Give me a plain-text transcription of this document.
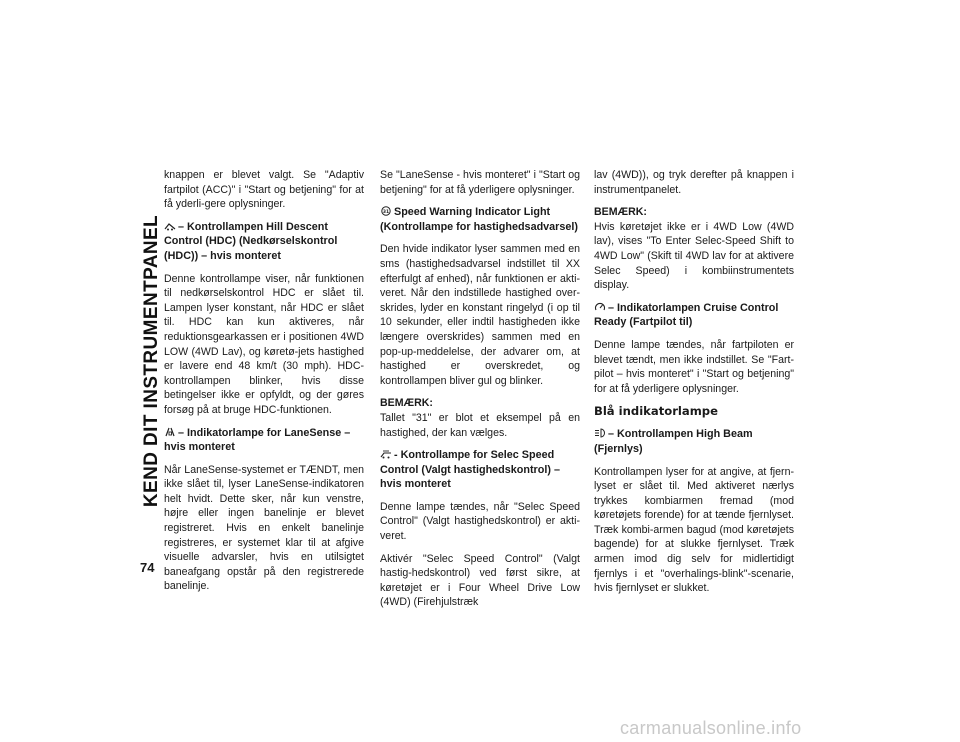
KEND DIT INSTRUMENTPANEL
74

knappen er blevet valgt. Se "Adaptiv fartpilot (ACC)" i "Start og betjening" for at få yderli-gere oplysninger.

– Kontrollampen Hill Descent Control (HDC) (Nedkørselskontrol (HDC)) – hvis monteret

Denne kontrollampe viser, når funktionen til nedkørselskontrol HDC er slået til. Lampen lyser konstant, når HDC er slået til. HDC kan kun aktiveres, når reduktionsgearkassen er i positionen 4WD LOW (4WD Lav), og køretø-jets hastighed er lavere end 48 km/t (30 mph). HDC-kontrollampen blinker, hvis disse betingelser ikke er opfyldt, og der gøres forsøg på at bruge HDC-funktionen.

– Indikatorlampe for LaneSense – hvis monteret

Når LaneSense-systemet er TÆNDT, men ikke slået til, lyser LaneSense-indikatoren helt hvidt. Dette sker, når kun venstre, højre eller ingen banelinje er blevet registreret. Hvis en enkelt banelinje registreres, er systemet klar til at afgive visuelle advarsler, hvis en utilsigtet baneafgang opstår på den registrerede banelinje.

Se "LaneSense - hvis monteret" i "Start og betjening" for at få yderligere oplysninger.

31 Speed Warning Indicator Light (Kontrollampe for hastighedsadvarsel)

Den hvide indikator lyser sammen med en sms (hastighedsadvarsel indstillet til XX efterfulgt af enhed), når funktionen er akti-veret. Når den indstillede hastighed over-skrides, lyder en konstant ringelyd (i op til 10 sekunder, eller indtil hastigheden ikke længere overskrides) sammen med en pop-up-meddelelse, der advarer om, at hastighed er overskredet, og kontrollampen bliver gul og blinker.

BEMÆRK:
Tallet "31" er blot et eksempel på en hastighed, der kan vælges.

- Kontrollampe for Selec Speed Control (Valgt hastighedskontrol) – hvis monteret

Denne lampe tændes, når "Selec Speed Control" (Valgt hastighedskontrol) er akti-veret.

Aktivér "Selec Speed Control" (Valgt hastig-hedskontrol) ved først sikre, at køretøjet er i Four Wheel Drive Low (4WD) (Firehjulstræk

lav (4WD)), og tryk derefter på knappen i instrumentpanelet.

BEMÆRK:
Hvis køretøjet ikke er i 4WD Low (4WD lav), vises "To Enter Selec-Speed Shift to 4WD Low" (Skift til 4WD lav for at aktivere Selec Speed) i kombiinstrumentets display.

– Indikatorlampen Cruise Control Ready (Fartpilot til)

Denne lampe tændes, når fartpiloten er blevet tændt, men ikke indstillet. Se "Fart-pilot – hvis monteret" i "Start og betjening" for at få yderligere oplysninger.

Blå indikatorlampe
– Kontrollampen High Beam (Fjernlys)

Kontrollampen lyser for at angive, at fjern-lyset er slået til. Med aktiveret nærlys trykkes kombiarmen fremad (mod køretøjets forende) for at tænde fjernlyset. Træk kombi-armen bagud (mod køretøjets bagende) for at slukke fjernlyset. Træk armen imod dig selv for midlertidigt fjernlys i et "overhalings-blink"-scenarie, hvis fjernlyset er slukket.

carmanualsonline.info
